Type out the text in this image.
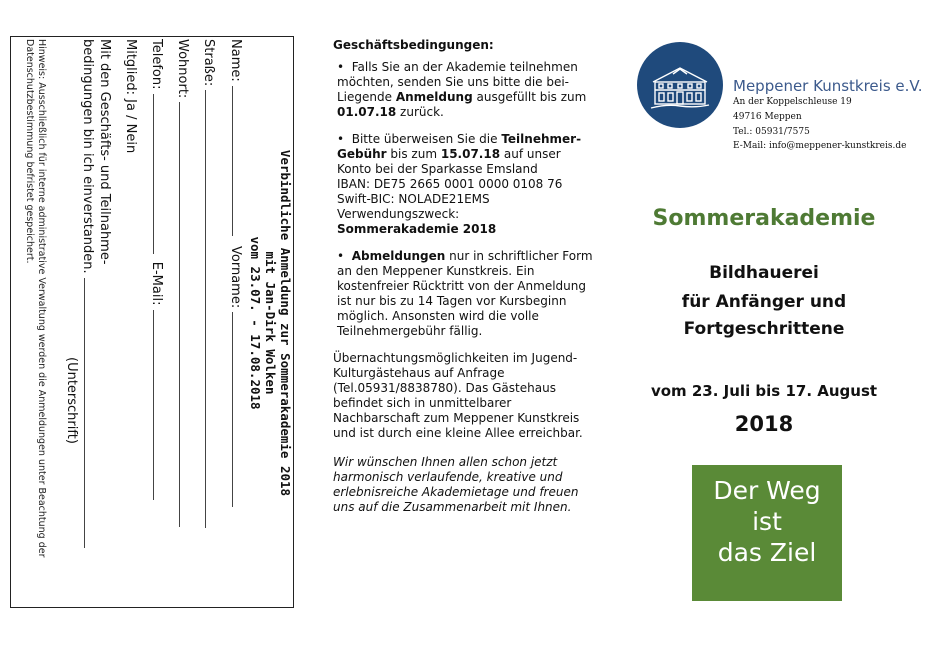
Verbindliche Anmeldung zur Sommerakademie 2018
mit Jan-Dirk Wolken
vom 23.07. - 17.08.2018
Name:  Vorname:
Straße:
Wohnort:
Telefon:  E-Mail:
Mitglied: Ja / Nein
Mit den Geschäfts- und Teilnahme-
bedingungen bin ich einverstanden.
(Unterschrift)
Hinweis: Ausschließlich für interne administrative Verwaltung werden die Anmeldungen unter Beachtung der Datenschutzbestimmung befristet gespeichert.	Geschäftsbedingungen:

•  Falls Sie an der Akademie teilnehmen möchten, senden Sie uns bitte die bei-Liegende Anmeldung ausgefüllt bis zum 01.07.18 zurück.

•  Bitte überweisen Sie die Teilnehmer-Gebühr bis zum 15.07.18 auf unser Konto bei der Sparkasse Emsland
IBAN: DE75 2665 0001 0000 0108 76
Swift-BIC: NOLADE21EMS
Verwendungszweck:
Sommerakademie 2018

•  Abmeldungen nur in schriftlicher Form an den Meppener Kunstkreis. Ein kostenfreier Rücktritt von der Anmeldung ist nur bis zu 14 Tagen vor Kursbeginn möglich. Ansonsten wird die volle Teilnehmergebühr fällig.

Übernachtungsmöglichkeiten im Jugend-Kulturgästehaus auf Anfrage (Tel.05931/8838780). Das Gästehaus befindet sich in unmittelbarer Nachbarschaft zum Meppener Kunstkreis und ist durch eine kleine Allee erreichbar.

Wir wünschen Ihnen allen schon jetzt harmonisch verlaufende, kreative und erlebnisreiche Akademietage und freuen uns auf die Zusammenarbeit mit Ihnen.

Meppener Kunstkreis e.V.
An der Koppelschleuse 19
49716 Meppen
Tel.: 05931/7575
E-Mail: info@meppener-kunstkreis.de
Sommerakademie
Bildhauerei
für Anfänger und
Fortgeschrittene
vom 23. Juli bis 17. August
2018
Der Weg
ist
das Ziel
